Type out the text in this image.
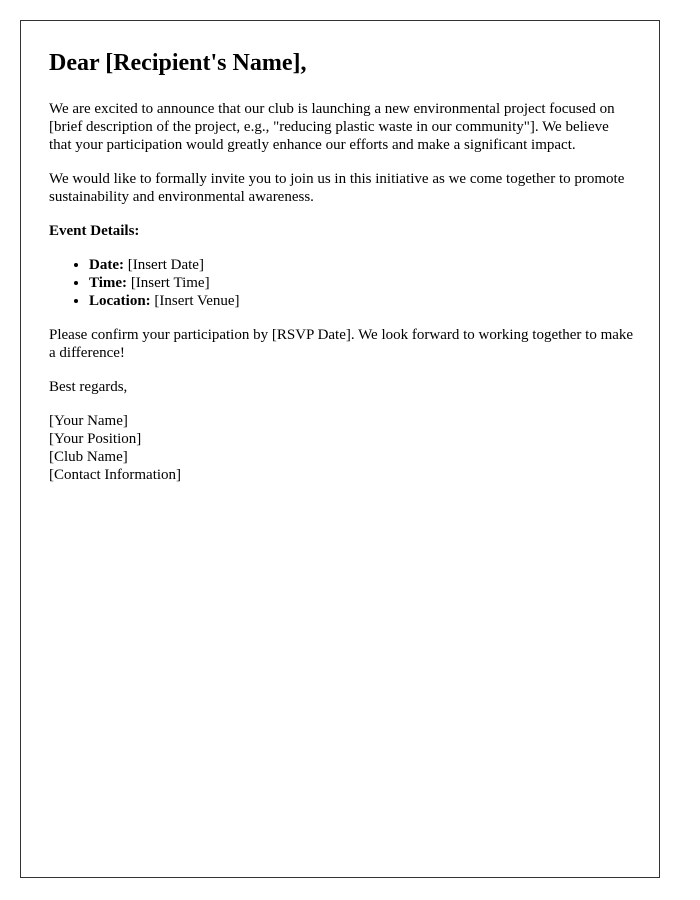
Dear [Recipient's Name],

We are excited to announce that our club is launching a new environmental project focused on [brief description of the project, e.g., "reducing plastic waste in our community"]. We believe that your participation would greatly enhance our efforts and make a significant impact.

We would like to formally invite you to join us in this initiative as we come together to promote sustainability and environmental awareness.

Event Details:

• Date: [Insert Date]
• Time: [Insert Time]
• Location: [Insert Venue]

Please confirm your participation by [RSVP Date]. We look forward to working together to make a difference!

Best regards,

[Your Name]
[Your Position]
[Club Name]
[Contact Information]
